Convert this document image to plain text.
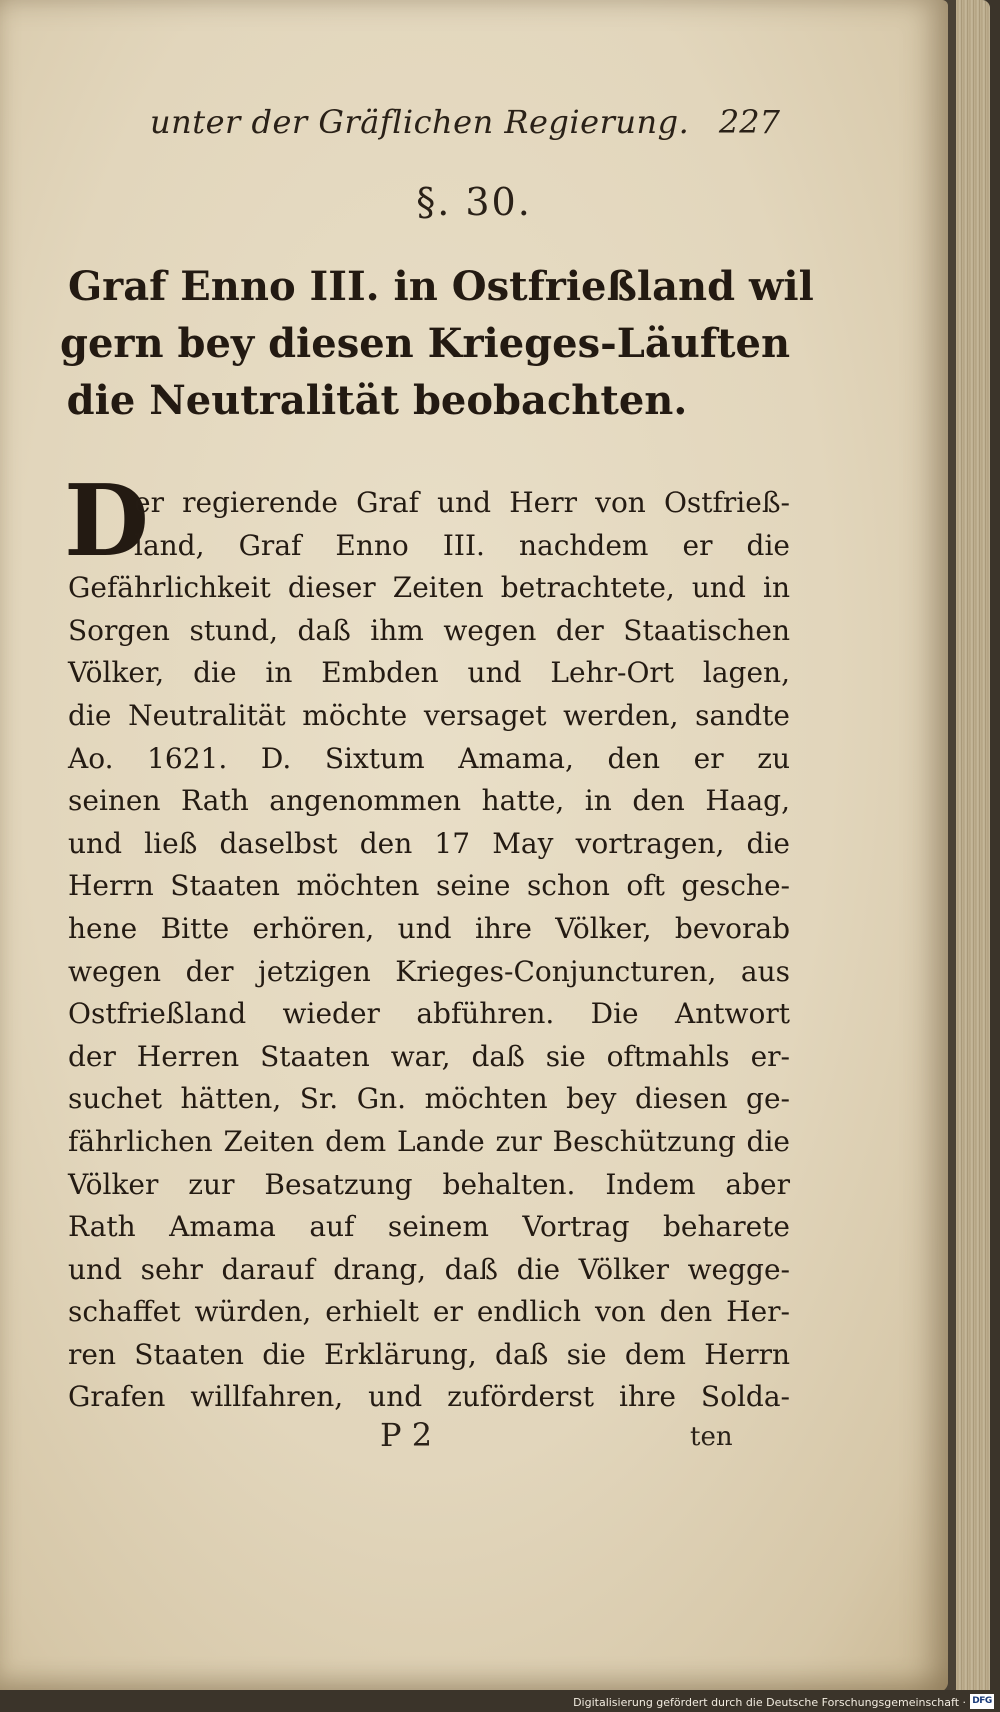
unter der Gräflichen Regierung. 227
§. 30.
Graf Enno III. in Ostfrießland wil
gern bey diesen Krieges-Läuften
die Neutralität beobachten.
D
er regierende Graf und Herr von Ostfrieß-
land, Graf Enno III. nachdem er die
Gefährlichkeit dieser Zeiten betrachtete, und in
Sorgen stund, daß ihm wegen der Staatischen
Völker, die in Embden und Lehr-Ort lagen,
die Neutralität möchte versaget werden, sandte
Ao. 1621. D. Sixtum Amama, den er zu
seinen Rath angenommen hatte, in den Haag,
und ließ daselbst den 17 May vortragen, die
Herrn Staaten möchten seine schon oft gesche-
hene Bitte erhören, und ihre Völker, bevorab
wegen der jetzigen Krieges-Conjuncturen, aus
Ostfrießland wieder abführen. Die Antwort
der Herren Staaten war, daß sie oftmahls er-
suchet hätten, Sr. Gn. möchten bey diesen ge-
fährlichen Zeiten dem Lande zur Beschützung die
Völker zur Besatzung behalten. Indem aber
Rath Amama auf seinem Vortrag beharete
und sehr darauf drang, daß die Völker wegge-
schaffet würden, erhielt er endlich von den Her-
ren Staaten die Erklärung, daß sie dem Herrn
Grafen willfahren, und zuförderst ihre Solda-
P 2	ten
Digitalisierung gefördert durch die Deutsche Forschungsgemeinschaft · DFG
